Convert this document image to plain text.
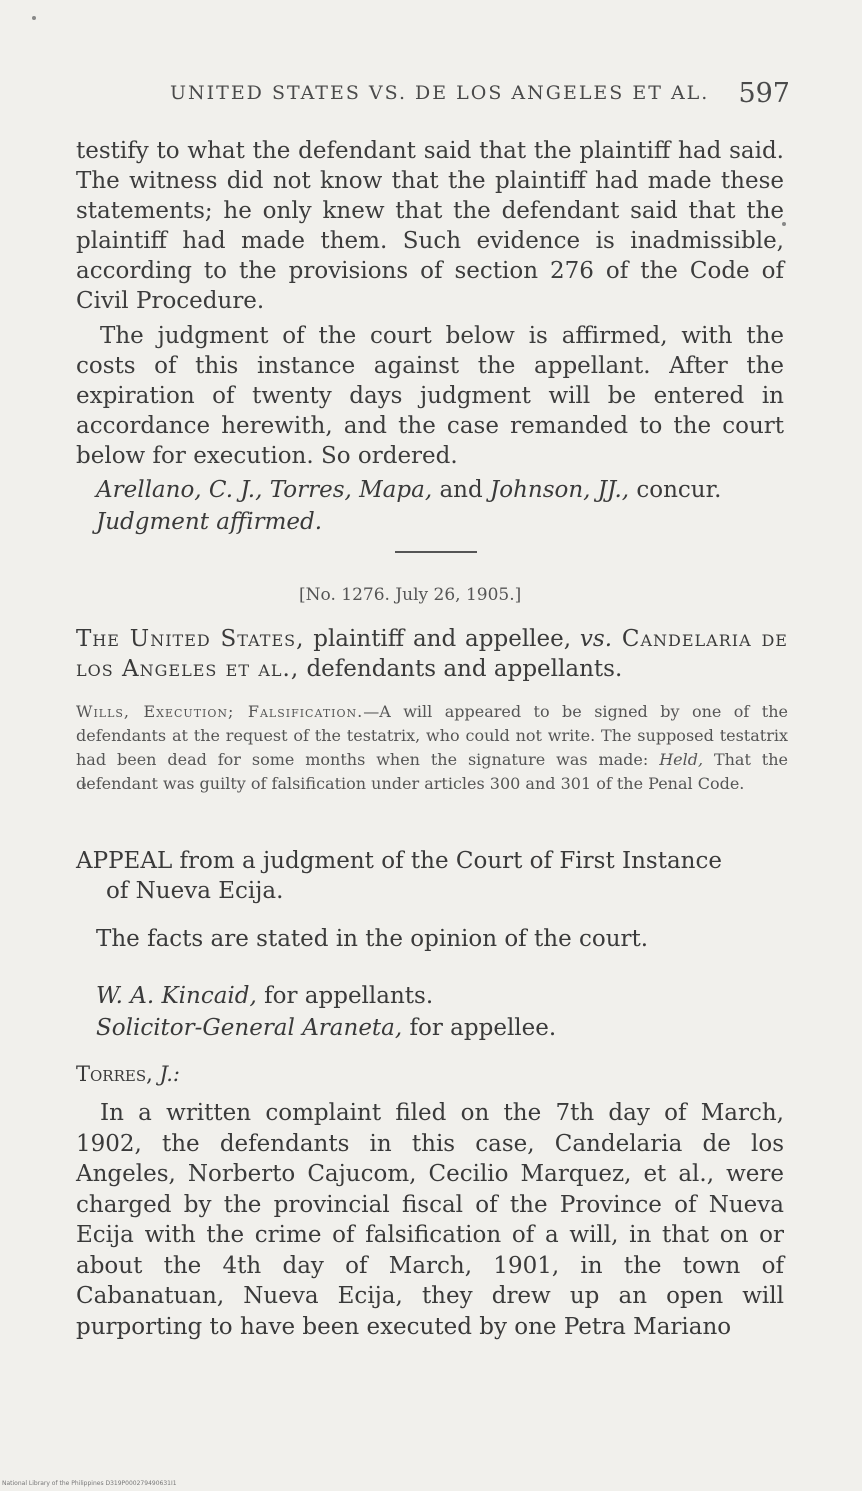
UNITED STATES VS. DE LOS ANGELES ET AL. 597
testify to what the defendant said that the plaintiff had said. The witness did not know that the plaintiff had made these statements; he only knew that the defendant said that the plaintiff had made them. Such evidence is inadmissible, according to the provisions of section 276 of the Code of Civil Procedure.
The judgment of the court below is affirmed, with the costs of this instance against the appellant. After the expiration of twenty days judgment will be entered in accordance herewith, and the case remanded to the court below for execution. So ordered.
Arellano, C. J., Torres, Mapa, and Johnson, JJ., concur.
Judgment affirmed.
[No. 1276. July 26, 1905.]
The United States, plaintiff and appellee, vs. Candelaria de los Angeles et al., defendants and appellants.
Wills, Execution; Falsification.—A will appeared to be signed by one of the defendants at the request of the testatrix, who could not write. The supposed testatrix had been dead for some months when the signature was made: Held, That the defendant was guilty of falsification under articles 300 and 301 of the Penal Code.
APPEAL from a judgment of the Court of First Instance
of Nueva Ecija.
The facts are stated in the opinion of the court.
W. A. Kincaid, for appellants.
Solicitor-General Araneta, for appellee.
Torres, J.:
In a written complaint filed on the 7th day of March, 1902, the defendants in this case, Candelaria de los Angeles, Norberto Cajucom, Cecilio Marquez, et al., were charged by the provincial fiscal of the Province of Nueva Ecija with the crime of falsification of a will, in that on or about the 4th day of March, 1901, in the town of Cabanatuan, Nueva Ecija, they drew up an open will purporting to have been executed by one Petra Mariano
National Library of the Philippines D319P000279490631I1
